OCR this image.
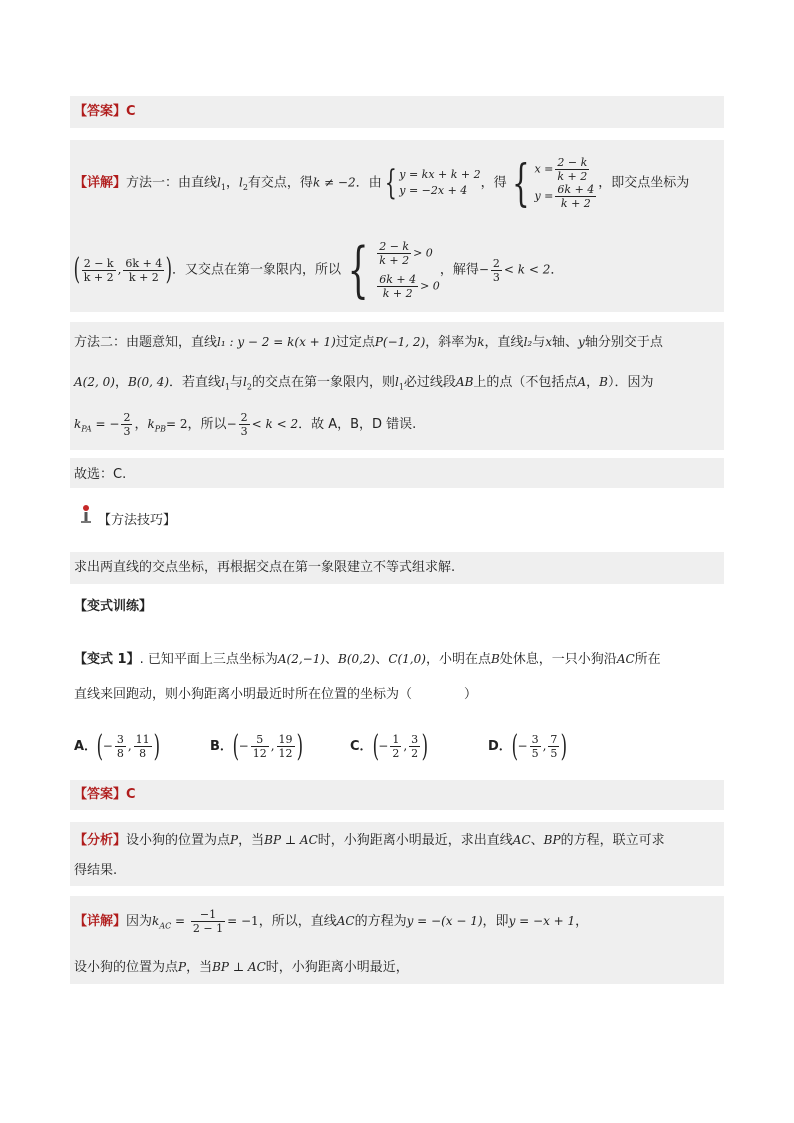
【答案】C
【详解】方法一：由直线$l_1$，$l_2$有交点，得k ≠ −2．由{ y = kx + k + 2
y = −2x + 4	，得 { $x = \frac{2 - k}{k + 2}$
$y = \frac{6k + 4}{k + 2}$ ，即交点坐标为
( $\frac{2 - k}{k + 2}$ , $\frac{6k + 4}{k + 2}$ )．又交点在第一象限内，所以 { $\frac{2 - k}{k + 2} > 0$
$\frac{6k + 4}{k + 2} > 0$
，解得− $\frac{2}{3} < k < 2$．
方法二：由题意知，直线l₁ : y − 2 = k(x + 1)过定点P(−1, 2)，斜率为k，直线l₂与x轴、y轴分别交于点
A(2, 0)，B(0, 4)．若直线$l_1$与$l_2$的交点在第一象限内，则$l_1$必过线段AB上的点（不包括点A，B）．因为
$k_{PA}$ = − $\frac{2}{3}$ ，$k_{PB}= 2$，所以− $\frac{2}{3} < k < 2$．故 A，B，D 错误.
故选：C.
【方法技巧】
求出两直线的交点坐标，再根据交点在第一象限建立不等式组求解.
【变式训练】
【变式 1】. 已知平面上三点坐标为A(2,−1)、B(0,2)、C(1,0)，小明在点B处休息，一只小狗沿AC所在
直线来回跑动，则小狗距离小明最近时所在位置的坐标为（　　　　）
A．(− $\frac{3}{8}$ , $\frac{11}{8}$ )	B．(− $\frac{5}{12}$ , $\frac{19}{12}$ )	C．(− $\frac{1}{2}$ , $\frac{3}{2}$ )	D．(− $\frac{3}{5}$ , $\frac{7}{5}$ )
【答案】C
【分析】设小狗的位置为点P，当BP ⊥ AC时，小狗距离小明最近，求出直线AC、BP的方程，联立可求
得结果.
【详解】因为$k_{AC} = \frac{-1}{2 - 1} = -1$，所以，直线AC的方程为y = −(x − 1)，即y = −x + 1，
设小狗的位置为点P，当BP ⊥ AC时，小狗距离小明最近，
